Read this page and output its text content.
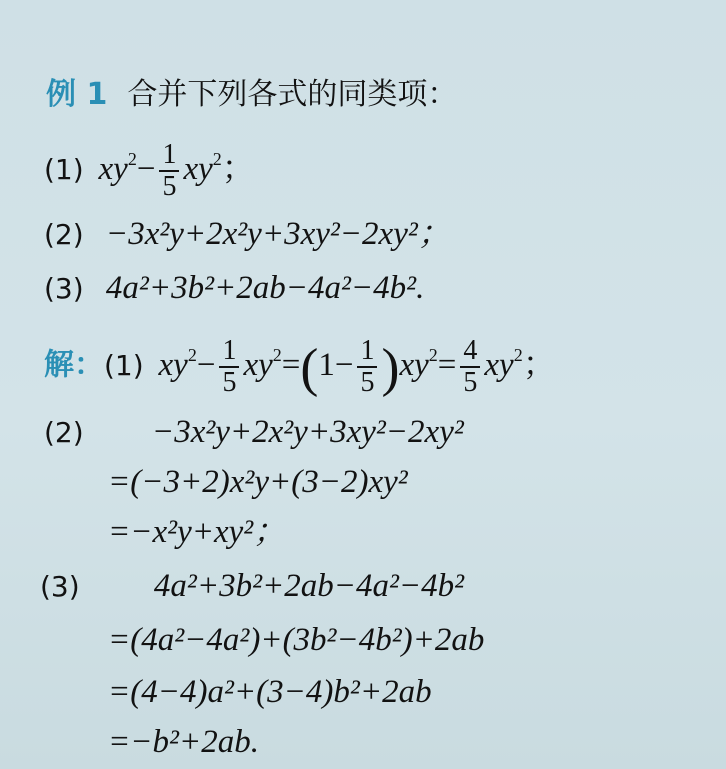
例 1 合并下列各式的同类项：
(1)  $xy^2- \frac{1}{5} xy^2$；
(2) −3x²y+2x²y+3xy²−2xy²；
(3) 4a²+3b²+2ab−4a²−4b².
解：(1)  $xy^2- \frac{1}{5} xy^2=(1- \frac{1}{5} )xy^2= \frac{4}{5} xy^2$；
(2) −3x²y+2x²y+3xy²−2xy²
=(−3+2)x²y+(3−2)xy²
=−x²y+xy²；
(3) 4a²+3b²+2ab−4a²−4b²
=(4a²−4a²)+(3b²−4b²)+2ab
=(4−4)a²+(3−4)b²+2ab
=−b²+2ab.
